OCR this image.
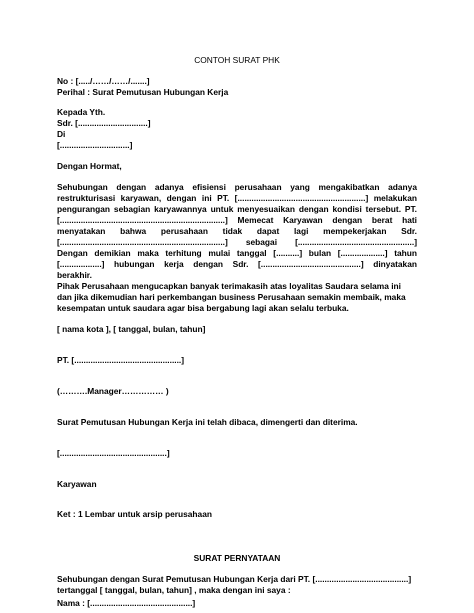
CONTOH SURAT PHK

No : [...../……/……/.......]

Perihal : Surat Pemutusan Hubungan Kerja

Kepada Yth.

Sdr. [..............................]

Di

[..............................]

Dengan Hormat,

Sehubungan dengan adanya efisiensi perusahaan yang mengakibatkan adanya

restrukturisasi karyawan, dengan ini PT. [.......................................................] melakukan

pengurangan sebagian karyawannya untuk menyesuaikan dengan kondisi tersebut. PT.

[.......................................................................] Memecat Karyawan dengan berat hati

menyatakan bahwa perusahaan tidak dapat lagi mempekerjakan Sdr.

[.......................................................................] sebagai [..................................................]

Dengan demikian maka terhitung mulai tanggal [..........] bulan [...................] tahun

[..................] hubungan kerja dengan Sdr. [...........................................] dinyatakan

berakhir.

Pihak Perusahaan mengucapkan banyak terimakasih atas loyalitas Saudara selama ini

dan jika dikemudian hari perkembangan business Perusahaan semakin membaik, maka

kesempatan untuk saudara agar bisa bergabung lagi akan selalu terbuka.

[ nama kota ], [ tanggal, bulan, tahun]

PT. [..............................................]

(……….Manager…………… )

Surat Pemutusan Hubungan Kerja ini telah dibaca, dimengerti dan diterima.

[..............................................]

Karyawan

Ket : 1 Lembar untuk arsip perusahaan

SURAT PERNYATAAN

Sehubungan dengan Surat Pemutusan Hubungan Kerja dari PT. [........................................]

tertanggal [ tanggal, bulan, tahun] , maka dengan ini saya :

Nama : [............................................]
